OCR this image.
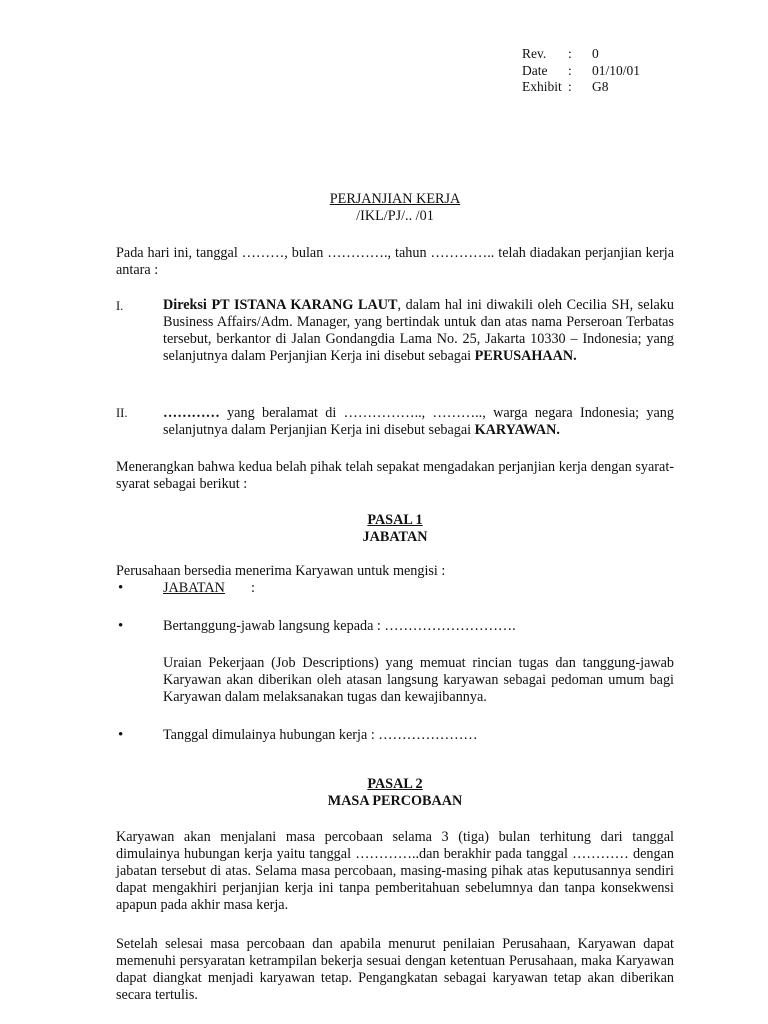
Rev.	:	0
Date	:	01/10/01
Exhibit :	G8
PERJANJIAN KERJA
/IKL/PJ/.. /01
Pada hari ini, tanggal ………, bulan …………., tahun ………….. telah diadakan perjanjian kerja antara :
I.	Direksi PT ISTANA KARANG LAUT, dalam hal ini diwakili oleh Cecilia SH, selaku Business Affairs/Adm. Manager, yang bertindak untuk dan atas nama Perseroan Terbatas tersebut, berkantor di Jalan Gondangdia Lama No. 25, Jakarta 10330 – Indonesia; yang selanjutnya dalam Perjanjian Kerja ini disebut sebagai PERUSAHAAN.
II.	………… yang beralamat di …………….., ……….., warga negara Indonesia; yang selanjutnya dalam Perjanjian Kerja ini disebut sebagai KARYAWAN.
Menerangkan bahwa kedua belah pihak telah sepakat mengadakan perjanjian kerja dengan syarat-syarat sebagai berikut :
PASAL 1
JABATAN
Perusahaan bersedia menerima Karyawan untuk mengisi :
•	JABATAN :
•	Bertanggung-jawab langsung kepada : ……………………….
Uraian Pekerjaan (Job Descriptions) yang memuat rincian tugas dan tanggung-jawab Karyawan akan diberikan oleh atasan langsung karyawan sebagai pedoman umum bagi Karyawan dalam melaksanakan tugas dan kewajibannya.
•	Tanggal dimulainya hubungan kerja : …………………
PASAL 2
MASA PERCOBAAN
Karyawan akan menjalani masa percobaan selama 3 (tiga) bulan terhitung dari tanggal dimulainya hubungan kerja yaitu tanggal …………..dan berakhir pada tanggal ………… dengan jabatan tersebut di atas. Selama masa percobaan, masing-masing pihak atas keputusannya sendiri dapat mengakhiri perjanjian kerja ini tanpa pemberitahuan sebelumnya dan tanpa konsekwensi apapun pada akhir masa kerja.
Setelah selesai masa percobaan dan apabila menurut penilaian Perusahaan, Karyawan dapat memenuhi persyaratan ketrampilan bekerja sesuai dengan ketentuan Perusahaan, maka Karyawan dapat diangkat menjadi karyawan tetap. Pengangkatan sebagai karyawan tetap akan diberikan secara tertulis.
